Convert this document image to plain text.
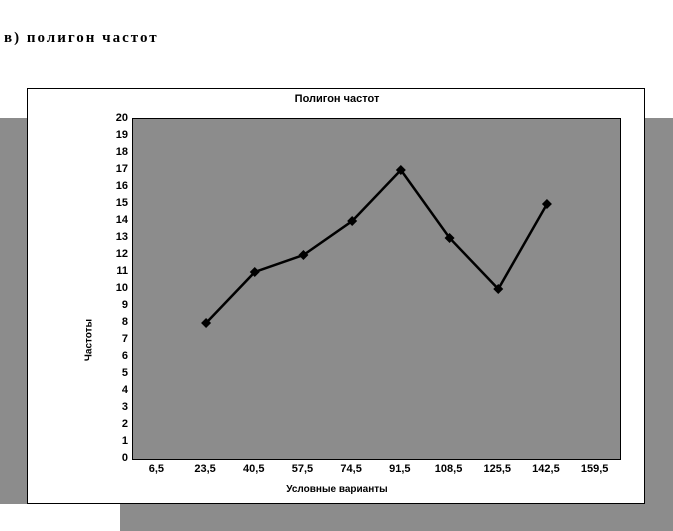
в) полигон частот
Полигон частот
20
19
18
17
16
15
14
13
12
11
10
9
8
7
6
5
4
3
2
1
0
6,5	23,5 40,5 57,5 74,5 91,5 108,5 125,5 142,5 159,5
Условные варианты
Частоты
